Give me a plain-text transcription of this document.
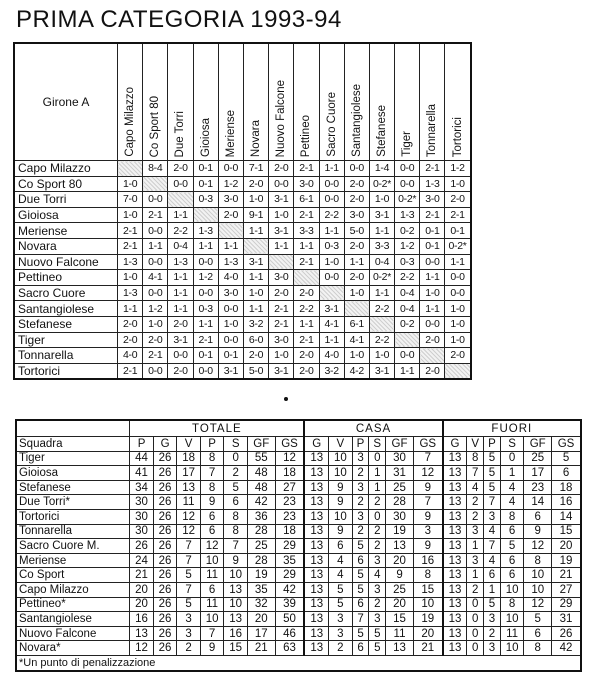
PRIMA CATEGORIA 1993-94
Girone A	Capo Milazzo	Co Sport 80	Due Torri	Gioiosa	Meriense	Novara	Nuovo Falcone	Pettineo	Sacro Cuore	Santangiolese	Stefanese	Tiger	Tonnarella	Tortorici
Capo Milazzo		8-4	2-0	0-1	0-0	7-1	2-0	2-1	1-1	0-0	1-4	0-0	2-1	1-2
Co Sport 80	1-0		0-0	0-1	1-2	2-0	0-0	3-0	0-0	2-0	0-2*	0-0	1-3	1-0
Due Torri	7-0	0-0		0-3	3-0	1-0	3-1	6-1	0-0	2-0	1-0	0-2*	3-0	2-0
Gioiosa	1-0	2-1	1-1		2-0	9-1	1-0	2-1	2-2	3-0	3-1	1-3	2-1	2-1
Meriense	2-1	0-0	2-2	1-3		1-1	3-1	3-3	1-1	5-0	1-1	0-2	0-1	0-1
Novara	2-1	1-1	0-4	1-1	1-1		1-1	1-1	0-3	2-0	3-3	1-2	0-1	0-2*
Nuovo Falcone	1-3	0-0	1-3	0-0	1-3	3-1		2-1	1-0	1-1	0-4	0-3	0-0	1-1
Pettineo	1-0	4-1	1-1	1-2	4-0	1-1	3-0		0-0	2-0	0-2*	2-2	1-1	0-0
Sacro Cuore	1-3	0-0	1-1	0-0	3-0	1-0	2-0	2-0		1-0	1-1	0-4	1-0	0-0
Santangiolese	1-1	1-2	1-1	0-3	0-0	1-1	2-1	2-2	3-1		2-2	0-4	1-1	1-0
Stefanese	2-0	1-0	2-0	1-1	1-0	3-2	2-1	1-1	4-1	6-1		0-2	0-0	1-0
Tiger	2-0	2-0	3-1	2-1	0-0	6-0	3-0	2-1	1-1	4-1	2-2		2-0	1-0
Tonnarella	4-0	2-1	0-0	0-1	0-1	2-0	1-0	2-0	4-0	1-0	1-0	0-0		2-0
Tortorici	2-1	0-0	2-0	0-0	3-1	5-0	3-1	2-0	3-2	4-2	3-1	1-1	2-0	
	TOTALE							CASA						FUORI					
Squadra	P	G	V	P	S	GF	GS	G	V	P	S	GF	GS	G	V	P	S	GF	GS
Tiger	44	26	18	8	0	55	12	13	10	3	0	30	7	13	8	5	0	25	5
Gioiosa	41	26	17	7	2	48	18	13	10	2	1	31	12	13	7	5	1	17	6
Stefanese	34	26	13	8	5	48	27	13	9	3	1	25	9	13	4	5	4	23	18
Due Torri*	30	26	11	9	6	42	23	13	9	2	2	28	7	13	2	7	4	14	16
Tortorici	30	26	12	6	8	36	23	13	10	3	0	30	9	13	2	3	8	6	14
Tonnarella	30	26	12	6	8	28	18	13	9	2	2	19	3	13	3	4	6	9	15
Sacro Cuore M.	26	26	7	12	7	25	29	13	6	5	2	13	9	13	1	7	5	12	20
Meriense	24	26	7	10	9	28	35	13	4	6	3	20	16	13	3	4	6	8	19
Co Sport	21	26	5	11	10	19	29	13	4	5	4	9	8	13	1	6	6	10	21
Capo Milazzo	20	26	7	6	13	35	42	13	5	5	3	25	15	13	2	1	10	10	27
Pettineo*	20	26	5	11	10	32	39	13	5	6	2	20	10	13	0	5	8	12	29
Santangiolese	16	26	3	10	13	20	50	13	3	7	3	15	19	13	0	3	10	5	31
Nuovo Falcone	13	26	3	7	16	17	46	13	3	5	5	11	20	13	0	2	11	6	26
Novara*	12	26	2	9	15	21	63	13	2	6	5	13	21	13	0	3	10	8	42
*Un punto di penalizzazione																			
